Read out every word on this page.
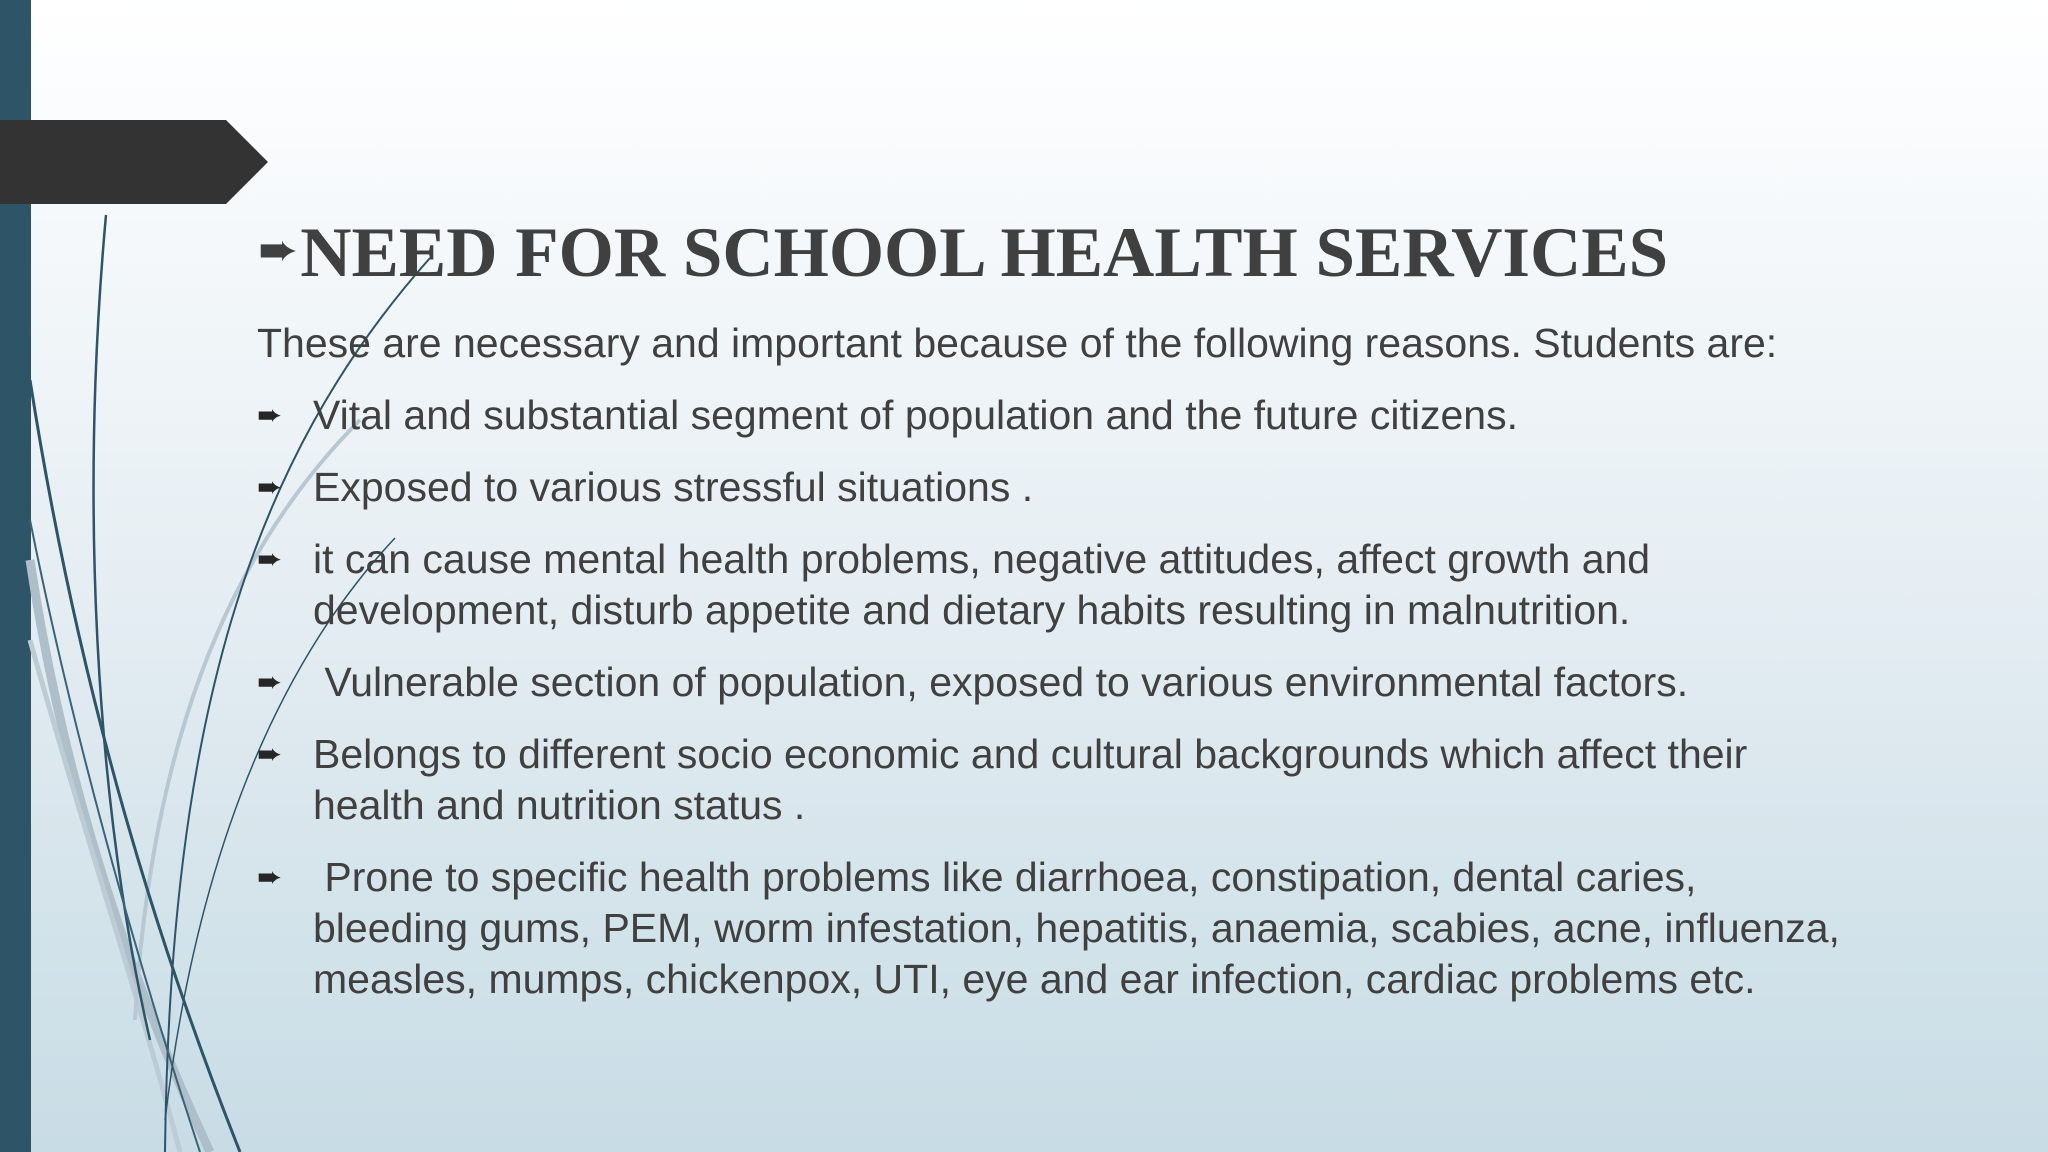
➨NEED FOR SCHOOL HEALTH SERVICES

These are necessary and important because of the following reasons. Students are:

➨ Vital and substantial segment of population and the future citizens.
➨ Exposed to various stressful situations .
➨ it can cause mental health problems, negative attitudes, affect growth and development, disturb appetite and dietary habits resulting in malnutrition.
➨ Vulnerable section of population, exposed to various environmental factors.
➨ Belongs to different socio economic and cultural backgrounds which affect their health and nutrition status .
➨ Prone to specific health problems like diarrhoea, constipation, dental caries, bleeding gums, PEM, worm infestation, hepatitis, anaemia, scabies, acne, influenza, measles, mumps, chickenpox, UTI, eye and ear infection, cardiac problems etc.
